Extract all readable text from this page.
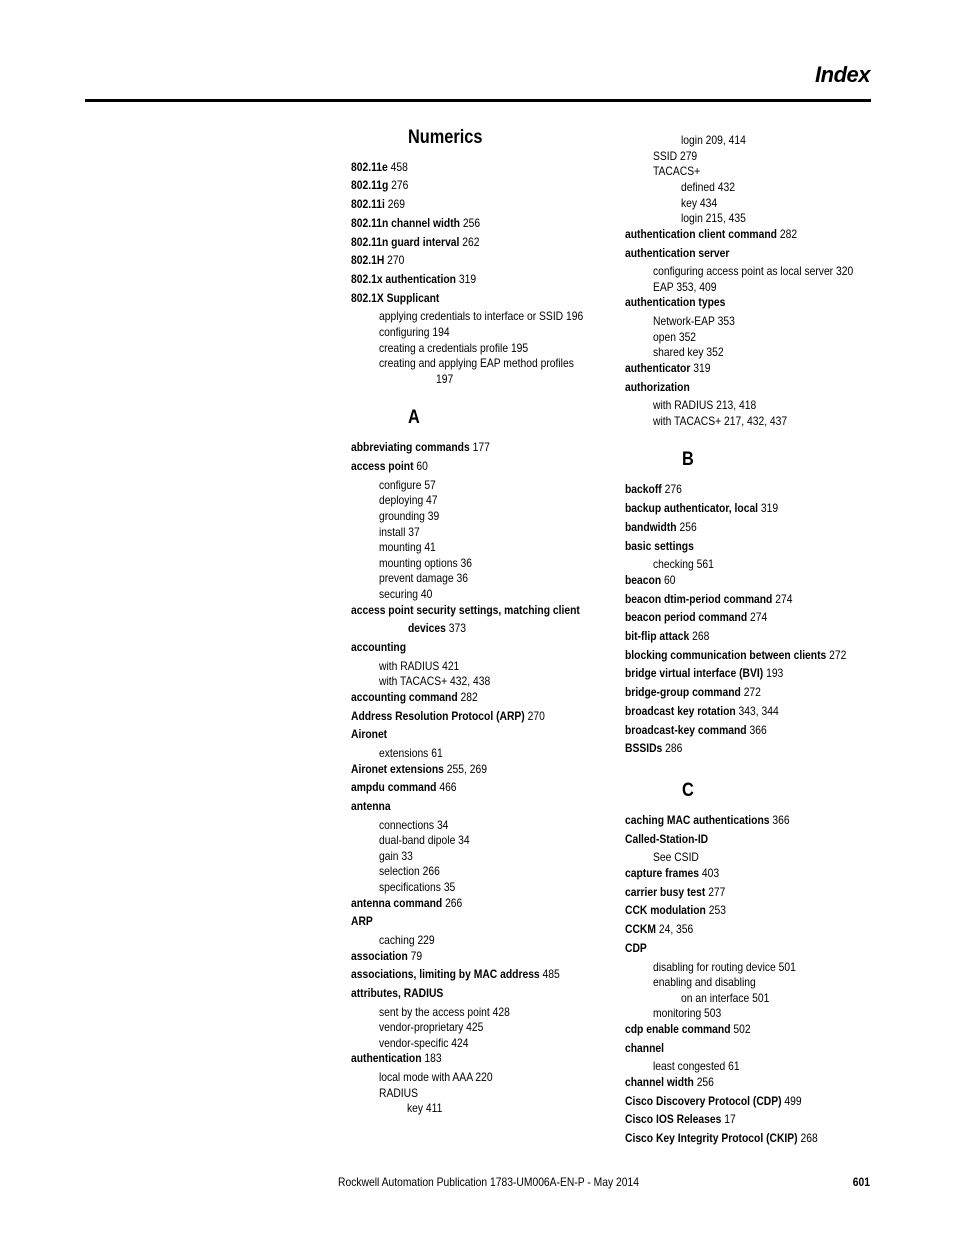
Index
Numerics
802.11e 458
802.11g 276
802.11i 269
802.11n channel width 256
802.11n guard interval 262
802.1H 270
802.1x authentication 319
802.1X Supplicant
applying credentials to interface or SSID 196
configuring 194
creating a credentials profile 195
creating and applying EAP method profiles
197
A
abbreviating commands 177
access point 60
configure 57
deploying 47
grounding 39
install 37
mounting 41
mounting options 36
prevent damage 36
securing 40
access point security settings, matching client
devices 373
accounting
with RADIUS 421
with TACACS+ 432, 438
accounting command 282
Address Resolution Protocol (ARP) 270
Aironet
extensions 61
Aironet extensions 255, 269
ampdu command 466
antenna
connections 34
dual-band dipole 34
gain 33
selection 266
specifications 35
antenna command 266
ARP
caching 229
association 79
associations, limiting by MAC address 485
attributes, RADIUS
sent by the access point 428
vendor-proprietary 425
vendor-specific 424
authentication 183
local mode with AAA 220
RADIUS
key 411
login 209, 414
SSID 279
TACACS+
defined 432
key 434
login 215, 435
authentication client command 282
authentication server
configuring access point as local server 320
EAP 353, 409
authentication types
Network-EAP 353
open 352
shared key 352
authenticator 319
authorization
with RADIUS 213, 418
with TACACS+ 217, 432, 437
B
backoff 276
backup authenticator, local 319
bandwidth 256
basic settings
checking 561
beacon 60
beacon dtim-period command 274
beacon period command 274
bit-flip attack 268
blocking communication between clients 272
bridge virtual interface (BVI) 193
bridge-group command 272
broadcast key rotation 343, 344
broadcast-key command 366
BSSIDs 286
C
caching MAC authentications 366
Called-Station-ID
See CSID
capture frames 403
carrier busy test 277
CCK modulation 253
CCKM 24, 356
CDP
disabling for routing device 501
enabling and disabling
on an interface 501
monitoring 503
cdp enable command 502
channel
least congested 61
channel width 256
Cisco Discovery Protocol (CDP) 499
Cisco IOS Releases 17
Cisco Key Integrity Protocol (CKIP) 268
Rockwell Automation Publication 1783-UM006A-EN-P - May 2014	601
